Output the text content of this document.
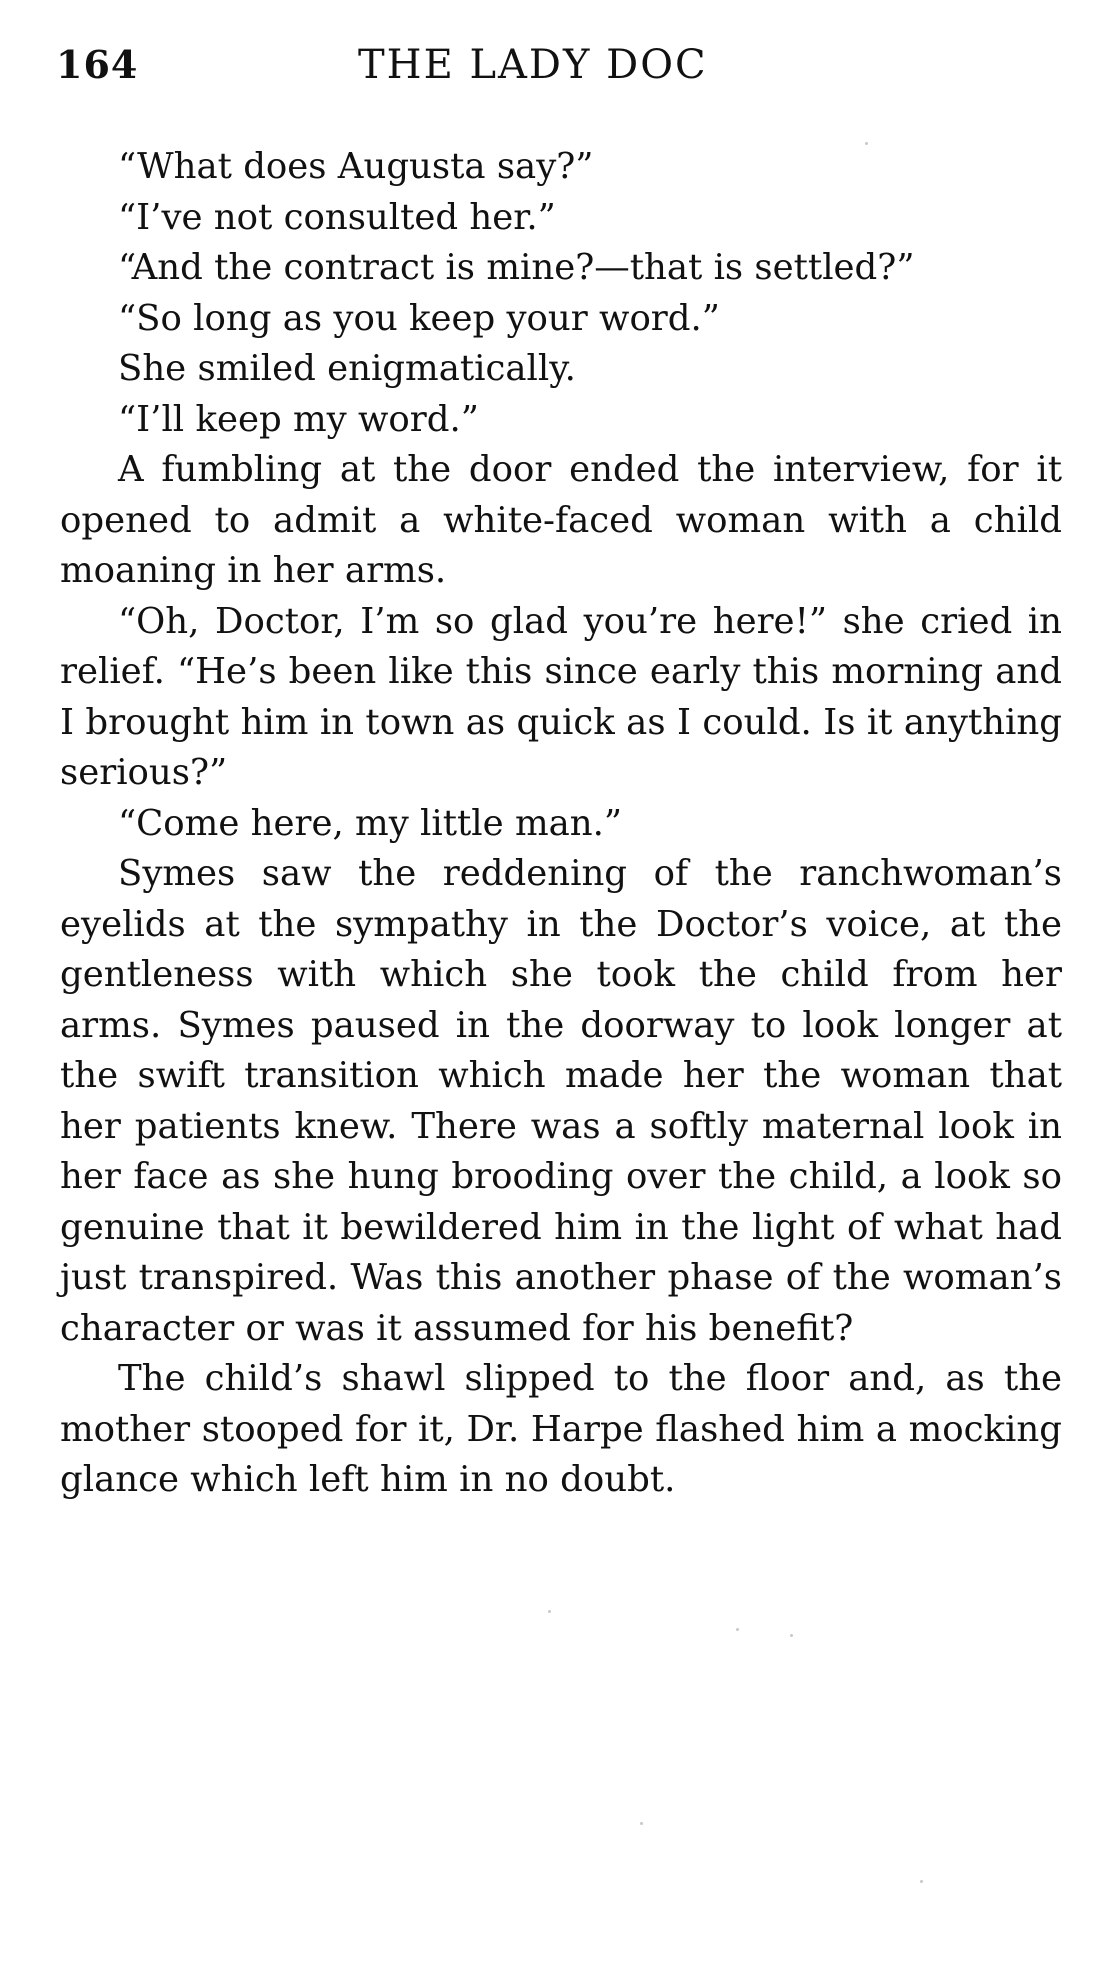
164	THE LADY DOC

“What does Augusta say?”

“I’ve not consulted her.”

“And the contract is mine?—that is settled?”

“So long as you keep your word.”

She smiled enigmatically.

“I’ll keep my word.”

A fumbling at the door ended the interview, for it opened to admit a white-faced woman with a child moaning in her arms.

“Oh, Doctor, I’m so glad you’re here!” she cried in relief. “He’s been like this since early this morning and I brought him in town as quick as I could. Is it anything serious?”

“Come here, my little man.”

Symes saw the reddening of the ranchwoman’s eyelids at the sympathy in the Doctor’s voice, at the gentleness with which she took the child from her arms. Symes paused in the doorway to look longer at the swift transition which made her the woman that her patients knew. There was a softly maternal look in her face as she hung brooding over the child, a look so genuine that it bewildered him in the light of what had just transpired. Was this another phase of the woman’s character or was it assumed for his benefit?

The child’s shawl slipped to the floor and, as the mother stooped for it, Dr. Harpe flashed him a mocking glance which left him in no doubt.
